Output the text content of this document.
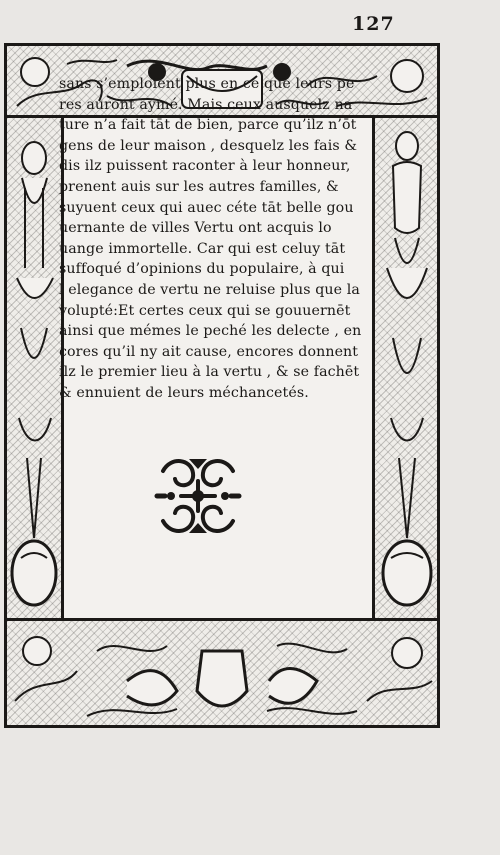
127
sans s’emploient plus en ce que leurs pe
res auront aymé. Mais ceux ausquelz na
ture n’a fait tāt de bien, parce qu’ilz n’ōt
gens de leur maison , desquelz les fais &
dis ilz puissent raconter à leur honneur,
prenent auis sur les autres familles, &
suyuent ceux qui auec céte tāt belle gou
uernante de villes Vertu ont acquis lo
uange immortelle. Car qui est celuy tāt
suffoqué d’opinions du populaire, à qui
l elegance de vertu ne reluise plus que la
volupté:Et certes ceux qui se gouuernēt
ainsi que mémes le peché les delecte , en
cores qu’il ny ait cause, encores donnent
ilz le premier lieu à la vertu , & se fachēt
& ennuient de leurs méchancetés.
